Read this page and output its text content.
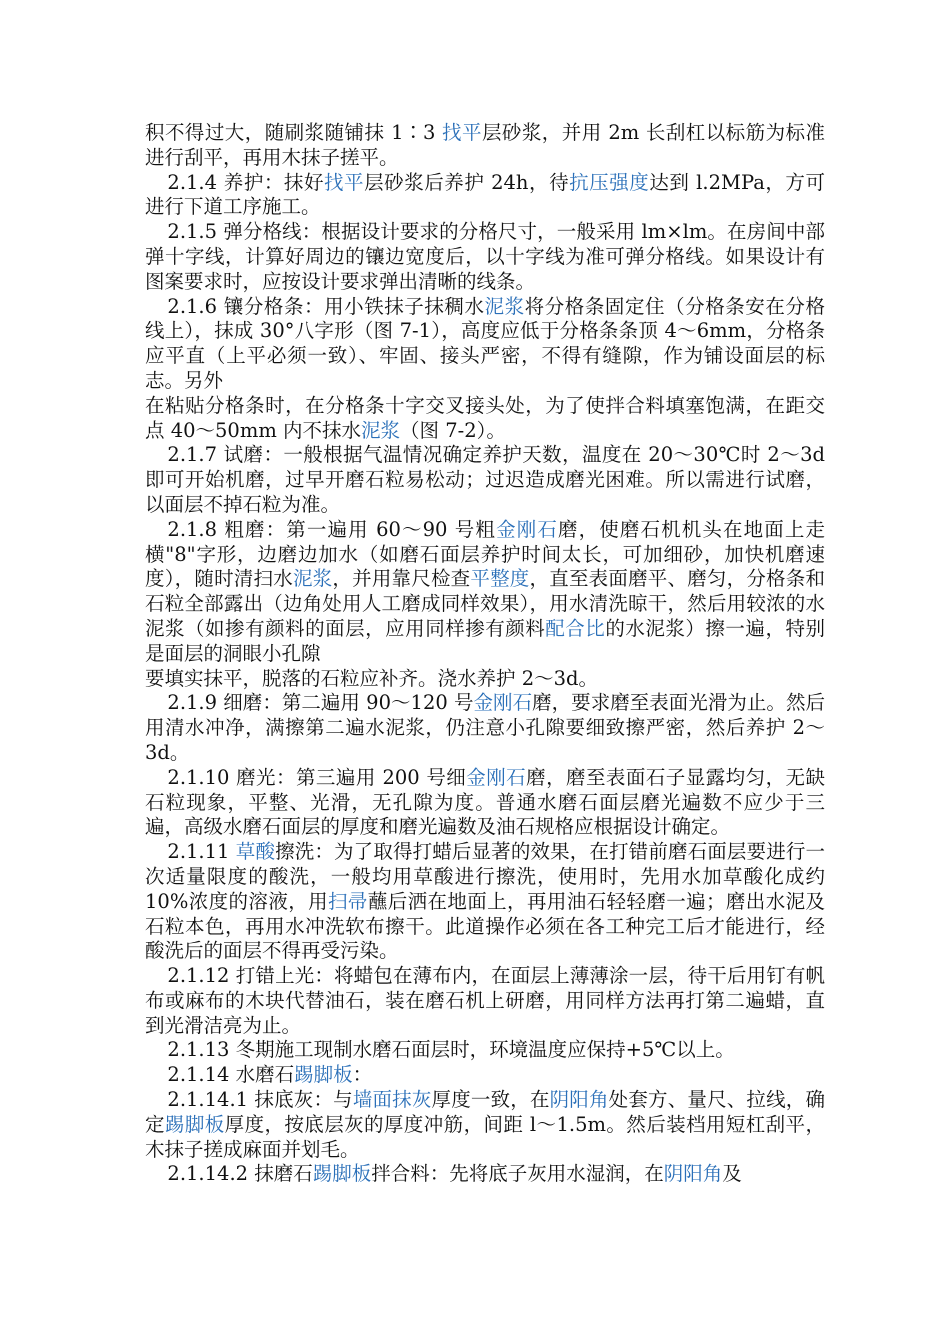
积不得过大，随刷浆随铺抹 1∶3 找平层砂浆，并用 2m 长刮杠以标筋为标准进行刮平，再用木抹子搓平。

2.1.4 养护：抹好找平层砂浆后养护 24h，待抗压强度达到 l.2MPa，方可进行下道工序施工。

2.1.5 弹分格线：根据设计要求的分格尺寸，一般采用 lm×lm。在房间中部弹十字线，计算好周边的镶边宽度后，以十字线为准可弹分格线。如果设计有图案要求时，应按设计要求弹出清晰的线条。

2.1.6 镶分格条：用小铁抹子抹稠水泥浆将分格条固定住（分格条安在分格线上），抹成 30°八字形（图 7-1），高度应低于分格条条顶 4～6mm，分格条应平直（上平必须一致）、牢固、接头严密，不得有缝隙，作为铺设面层的标志。另外

在粘贴分格条时，在分格条十字交叉接头处，为了使拌合料填塞饱满，在距交点 40～50mm 内不抹水泥浆（图 7-2）。

2.1.7 试磨：一般根据气温情况确定养护天数，温度在 20～30℃时 2～3d 即可开始机磨，过早开磨石粒易松动；过迟造成磨光困难。所以需进行试磨，以面层不掉石粒为准。

2.1.8 粗磨：第一遍用 60～90 号粗金刚石磨，使磨石机机头在地面上走横"8"字形，边磨边加水（如磨石面层养护时间太长，可加细砂，加快机磨速度），随时清扫水泥浆，并用靠尺检查平整度，直至表面磨平、磨匀，分格条和石粒全部露出（边角处用人工磨成同样效果），用水清洗晾干，然后用较浓的水泥浆（如掺有颜料的面层，应用同样掺有颜料配合比的水泥浆）擦一遍，特别是面层的洞眼小孔隙

要填实抹平，脱落的石粒应补齐。浇水养护 2～3d。

2.1.9 细磨：第二遍用 90～120 号金刚石磨，要求磨至表面光滑为止。然后用清水冲净，满擦第二遍水泥浆，仍注意小孔隙要细致擦严密，然后养护 2～3d。

2.1.10 磨光：第三遍用 200 号细金刚石磨，磨至表面石子显露均匀，无缺石粒现象，平整、光滑，无孔隙为度。普通水磨石面层磨光遍数不应少于三遍，高级水磨石面层的厚度和磨光遍数及油石规格应根据设计确定。

2.1.11 草酸擦洗：为了取得打蜡后显著的效果，在打错前磨石面层要进行一次适量限度的酸洗，一般均用草酸进行擦洗，使用时，先用水加草酸化成约 10%浓度的溶液，用扫帚蘸后洒在地面上，再用油石轻轻磨一遍；磨出水泥及石粒本色，再用水冲洗软布擦干。此道操作必须在各工种完工后才能进行，经酸洗后的面层不得再受污染。

2.1.12 打错上光：将蜡包在薄布内，在面层上薄薄涂一层，待干后用钉有帆布或麻布的木块代替油石，装在磨石机上研磨，用同样方法再打第二遍蜡，直到光滑洁亮为止。

2.1.13 冬期施工现制水磨石面层时，环境温度应保持+5℃以上。

2.1.14 水磨石踢脚板：

2.1.14.1 抹底灰：与墙面抹灰厚度一致，在阴阳角处套方、量尺、拉线，确定踢脚板厚度，按底层灰的厚度冲筋，间距 l～1.5m。然后装档用短杠刮平，木抹子搓成麻面并划毛。

2.1.14.2 抹磨石踢脚板拌合料：先将底子灰用水湿润，在阴阳角及
